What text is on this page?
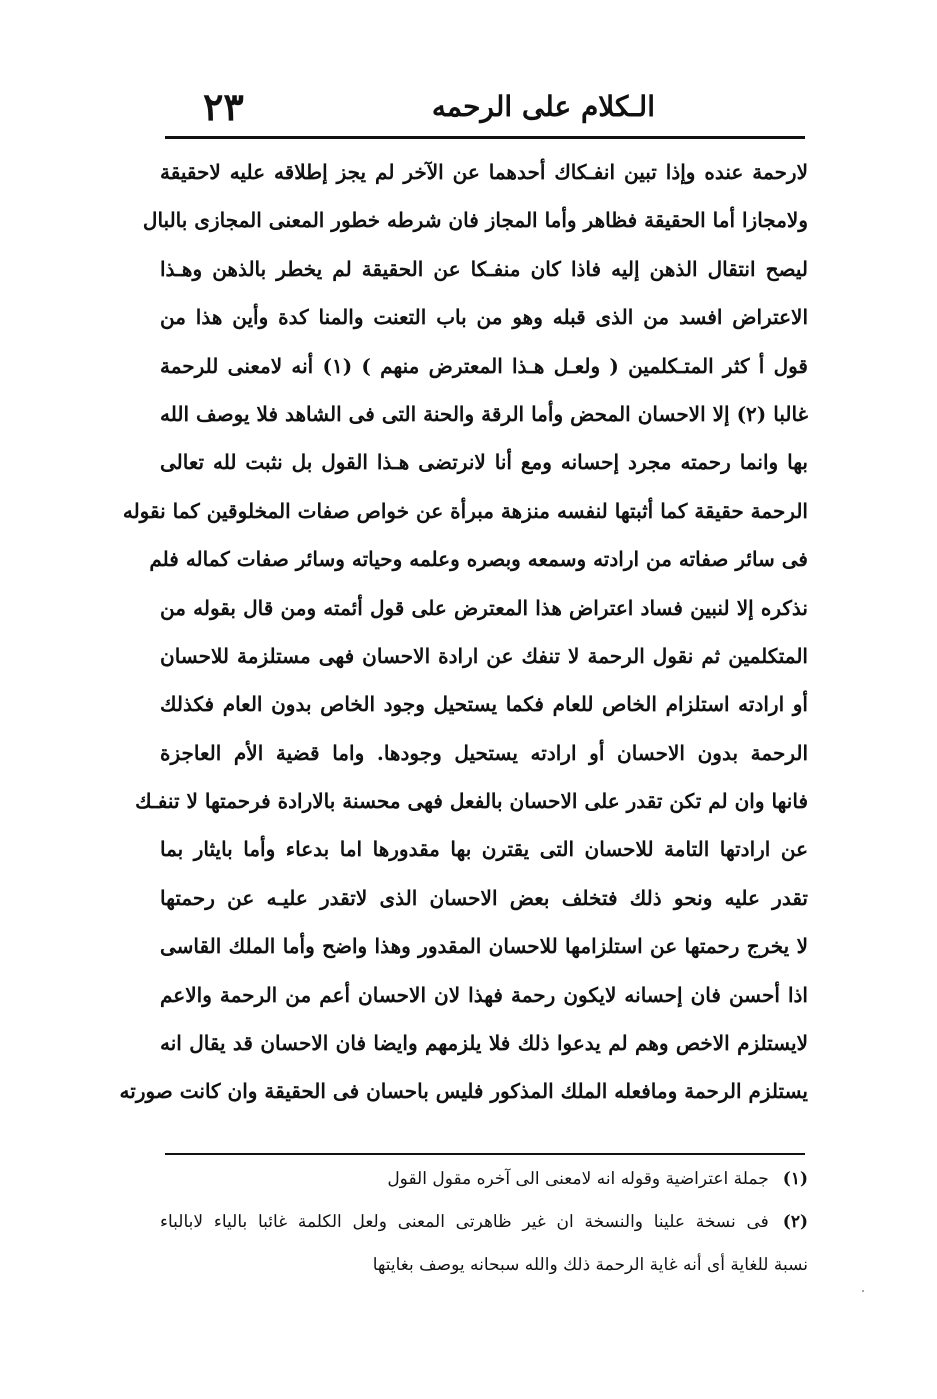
الـكلام على الرحمه
٢٣
لارحمة عنده وإذا تبين انفـكاك أحدهما عن الآخر لم يجز إطلاقه عليه لاحقيقة
ولامجازا أما الحقيقة فظاهر وأما المجاز فان شرطه خطور المعنى المجازى بالبال
ليصح انتقال الذهن إليه فاذا كان منفـكا عن الحقيقة لم يخطر بالذهن وهـذا
الاعتراض افسد من الذى قبله وهو من باب التعنت والمنا كدة وأين هذا من
قول أ كثر المتـكلمين ( ولعـل هـذا المعترض منهم ) (١) أنه لامعنى للرحمة
غالبا (٢) إلا الاحسان المحض وأما الرقة والحنة التى فى الشاهد فلا يوصف الله
بها وانما رحمته مجرد إحسانه ومع أنا لانرتضى هـذا القول بل نثبت لله تعالى
الرحمة حقيقة كما أثبتها لنفسه منزهة مبرأة عن خواص صفات المخلوقين كما نقوله
فى سائر صفاته من ارادته وسمعه وبصره وعلمه وحياته وسائر صفات كماله فلم
نذكره إلا لنبين فساد اعتراض هذا المعترض على قول أئمته ومن قال بقوله من
المتكلمين ثم نقول الرحمة لا تنفك عن ارادة الاحسان فهى مستلزمة للاحسان
أو ارادته استلزام الخاص للعام فكما يستحيل وجود الخاص بدون العام فكذلك
الرحمة بدون الاحسان أو ارادته يستحيل وجودها. واما قضية الأم العاجزة
فانها وان لم تكن تقدر على الاحسان بالفعل فهى محسنة بالارادة فرحمتها لا تنفـك
عن ارادتها التامة للاحسان التى يقترن بها مقدورها اما بدعاء وأما بايثار بما
تقدر عليه ونحو ذلك فتخلف بعض الاحسان الذى لاتقدر عليـه عن رحمتها
لا يخرج رحمتها عن استلزامها للاحسان المقدور وهذا واضح وأما الملك القاسى
اذا أحسن فان إحسانه لايكون رحمة فهذا لان الاحسان أعم من الرحمة والاعم
لايستلزم الاخص وهم لم يدعوا ذلك فلا يلزمهم وايضا فان الاحسان قد يقال انه
يستلزم الرحمة ومافعله الملك المذكور فليس باحسان فى الحقيقة وان كانت صورته
(١)جملة اعتراضية وقوله انه لامعنى الى آخره مقول القول
(٢)فى نسخة علينا والنسخة ان غير ظاهرتى المعنى ولعل الكلمة غائبا بالياء لابالباء
نسبة للغاية أى أنه غاية الرحمة ذلك والله سبحانه يوصف بغايتها
